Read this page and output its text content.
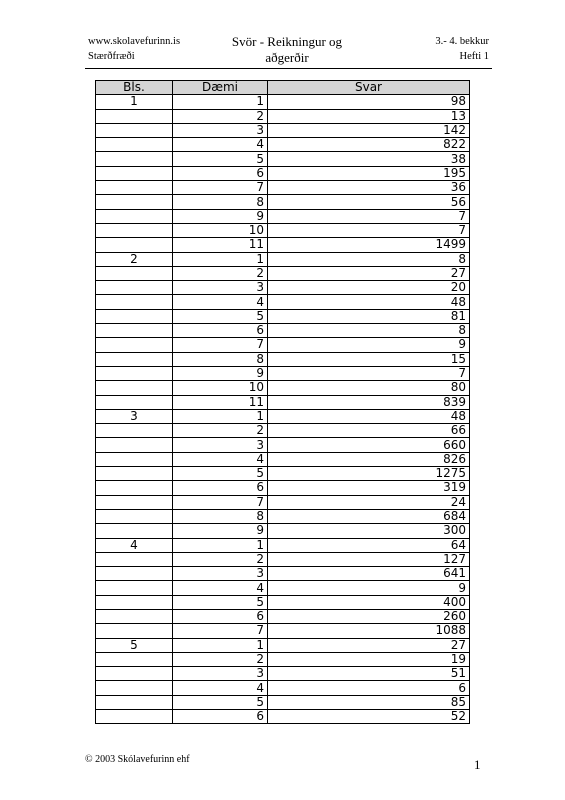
www.skolavefurinn.is
Stærðfræði
Svör - Reikningur og aðgerðir
3.- 4. bekkur
Hefti 1
Bls.	Dæmi	Svar
1	1	98
	2	13
	3	142
	4	822
	5	38
	6	195
	7	36
	8	56
	9	7
	10	7
	11	1499
2	1	8
	2	27
	3	20
	4	48
	5	81
	6	8
	7	9
	8	15
	9	7
	10	80
	11	839
3	1	48
	2	66
	3	660
	4	826
	5	1275
	6	319
	7	24
	8	684
	9	300
4	1	64
	2	127
	3	641
	4	9
	5	400
	6	260
	7	1088
5	1	27
	2	19
	3	51
	4	6
	5	85
	6	52
© 2003 Skólavefurinn ehf	1
